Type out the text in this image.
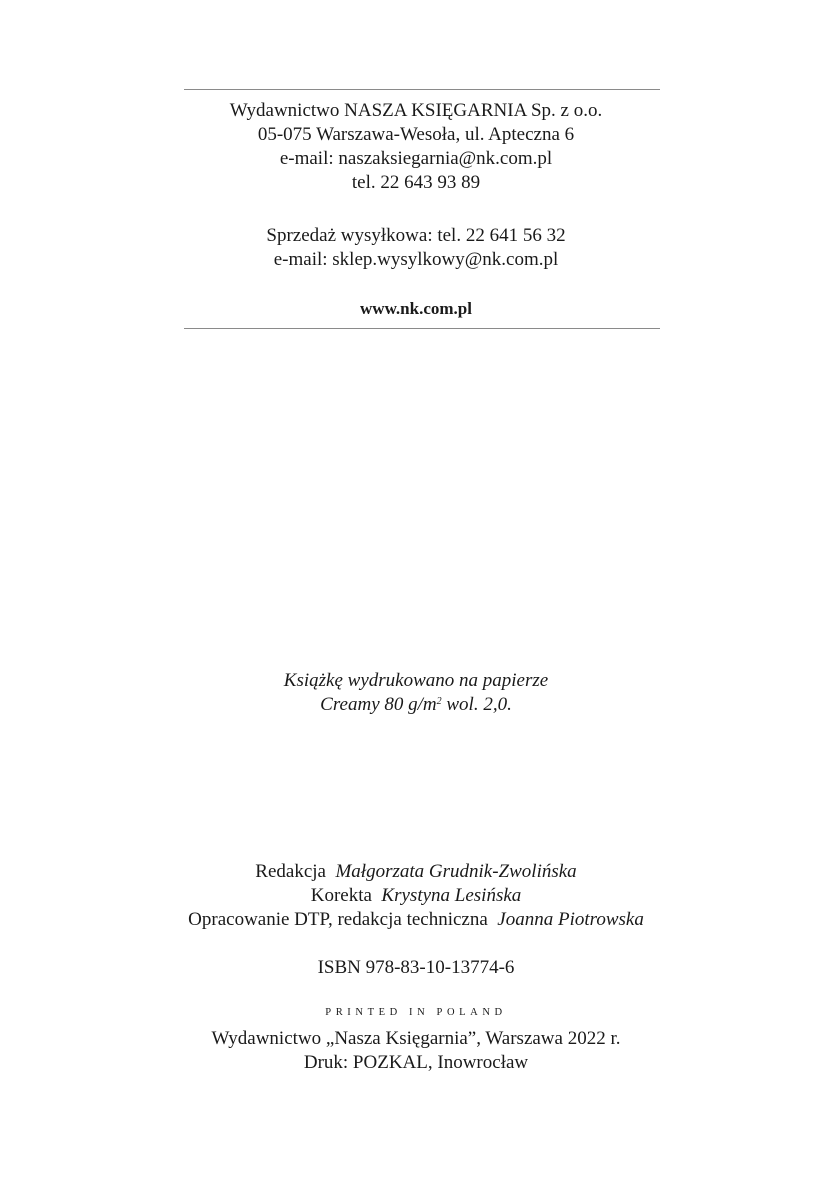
Wydawnictwo NASZA KSIĘGARNIA Sp. z o.o.
05-075 Warszawa-Wesoła, ul. Apteczna 6
e-mail: naszaksiegarnia@nk.com.pl
tel. 22 643 93 89
Sprzedaż wysyłkowa: tel. 22 641 56 32
e-mail: sklep.wysylkowy@nk.com.pl
www.nk.com.pl
Książkę wydrukowano na papierze
Creamy 80 $g/m^2$ wol. 2,0.
Redakcja Małgorzata Grudnik-Zwolińska
Korekta Krystyna Lesińska
Opracowanie DTP, redakcja techniczna Joanna Piotrowska
ISBN 978-83-10-13774-6
PRINTED IN POLAND
Wydawnictwo „Nasza Księgarnia”, Warszawa 2022 r.
Druk: POZKAL, Inowrocław
